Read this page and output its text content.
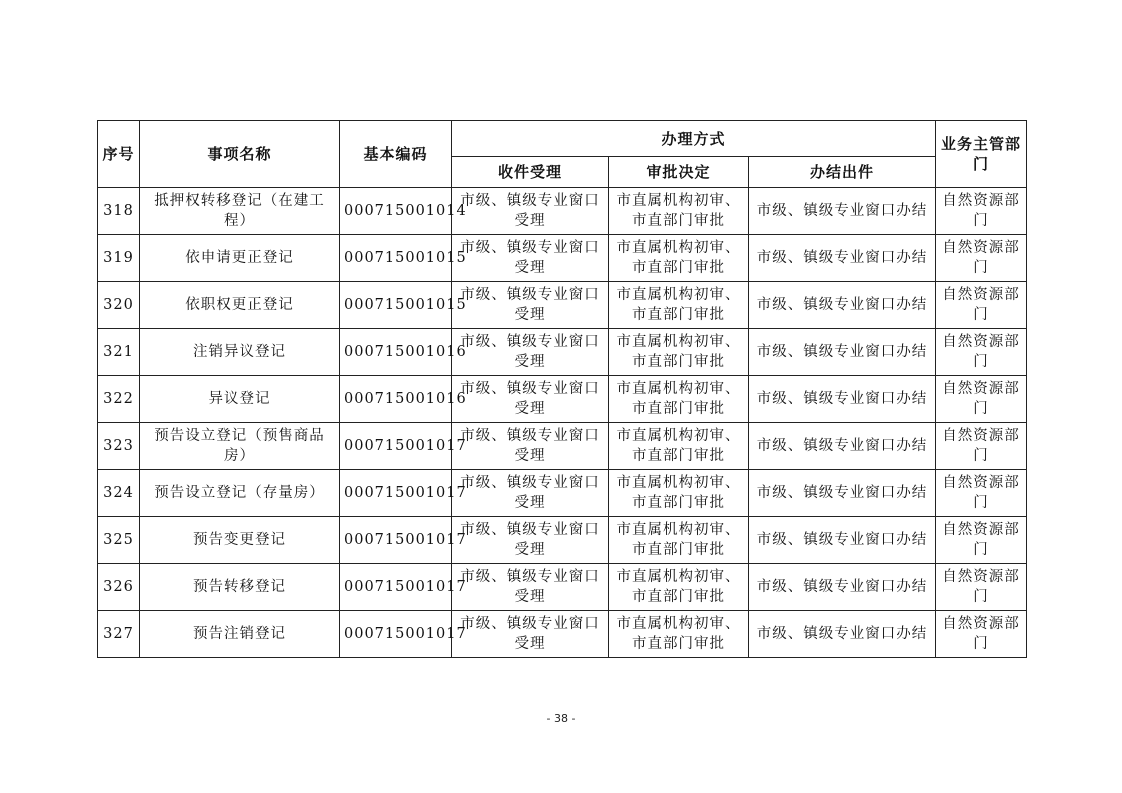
序号	事项名称	基本编码	办理方式			业务主管部门
			收件受理	审批决定	办结出件	
318	抵押权转移登记（在建工程）	000715001014	市级、镇级专业窗口受理	市直属机构初审、市直部门审批	市级、镇级专业窗口办结	自然资源部门
319	依申请更正登记	000715001015	市级、镇级专业窗口受理	市直属机构初审、市直部门审批	市级、镇级专业窗口办结	自然资源部门
320	依职权更正登记	000715001015	市级、镇级专业窗口受理	市直属机构初审、市直部门审批	市级、镇级专业窗口办结	自然资源部门
321	注销异议登记	000715001016	市级、镇级专业窗口受理	市直属机构初审、市直部门审批	市级、镇级专业窗口办结	自然资源部门
322	异议登记	000715001016	市级、镇级专业窗口受理	市直属机构初审、市直部门审批	市级、镇级专业窗口办结	自然资源部门
323	预告设立登记（预售商品房）	000715001017	市级、镇级专业窗口受理	市直属机构初审、市直部门审批	市级、镇级专业窗口办结	自然资源部门
324	预告设立登记（存量房）	000715001017	市级、镇级专业窗口受理	市直属机构初审、市直部门审批	市级、镇级专业窗口办结	自然资源部门
325	预告变更登记	000715001017	市级、镇级专业窗口受理	市直属机构初审、市直部门审批	市级、镇级专业窗口办结	自然资源部门
326	预告转移登记	000715001017	市级、镇级专业窗口受理	市直属机构初审、市直部门审批	市级、镇级专业窗口办结	自然资源部门
327	预告注销登记	000715001017	市级、镇级专业窗口受理	市直属机构初审、市直部门审批	市级、镇级专业窗口办结	自然资源部门
- 38 -
